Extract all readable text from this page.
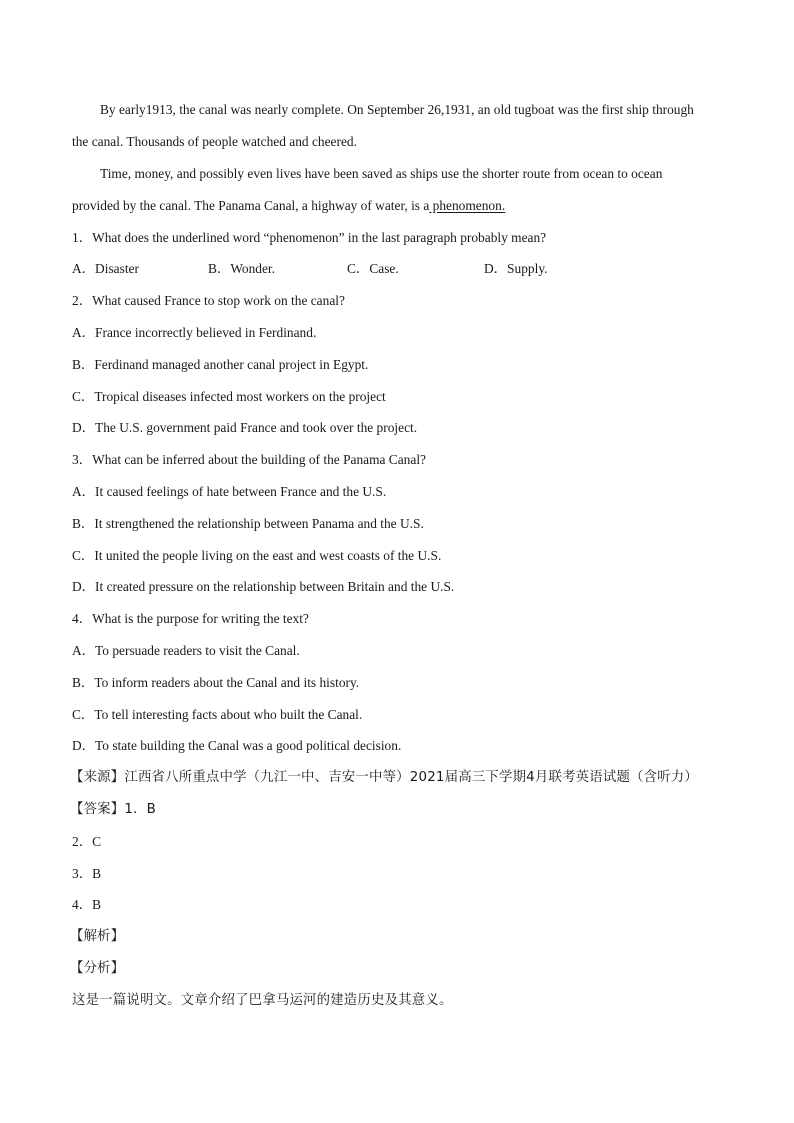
By early1913, the canal was nearly complete. On September 26,1931, an old tugboat was the first ship through
the canal. Thousands of people watched and cheered.
Time, money, and possibly even lives have been saved as ships use the shorter route from ocean to ocean
provided by the canal. The Panama Canal, a highway of water, is a phenomenon.
1．What does the underlined word “phenomenon” in the last paragraph probably mean?
A．Disaster	B．Wonder.	C．Case.	D．Supply.
2．What caused France to stop work on the canal?
A．France incorrectly believed in Ferdinand.
B．Ferdinand managed another canal project in Egypt.
C．Tropical diseases infected most workers on the project
D．The U.S. government paid France and took over the project.
3．What can be inferred about the building of the Panama Canal?
A．It caused feelings of hate between France and the U.S.
B．It strengthened the relationship between Panama and the U.S.
C．It united the people living on the east and west coasts of the U.S.
D．It created pressure on the relationship between Britain and the U.S.
4．What is the purpose for writing the text?
A．To persuade readers to visit the Canal.
B．To inform readers about the Canal and its history.
C．To tell interesting facts about who built the Canal.
D．To state building the Canal was a good political decision.
【来源】江西省八所重点中学（九江一中、吉安一中等）2021届高三下学期4月联考英语试题（含听力）
【答案】1．B
2．C
3．B
4．B
【解析】
【分析】
这是一篇说明文。文章介绍了巴拿马运河的建造历史及其意义。
